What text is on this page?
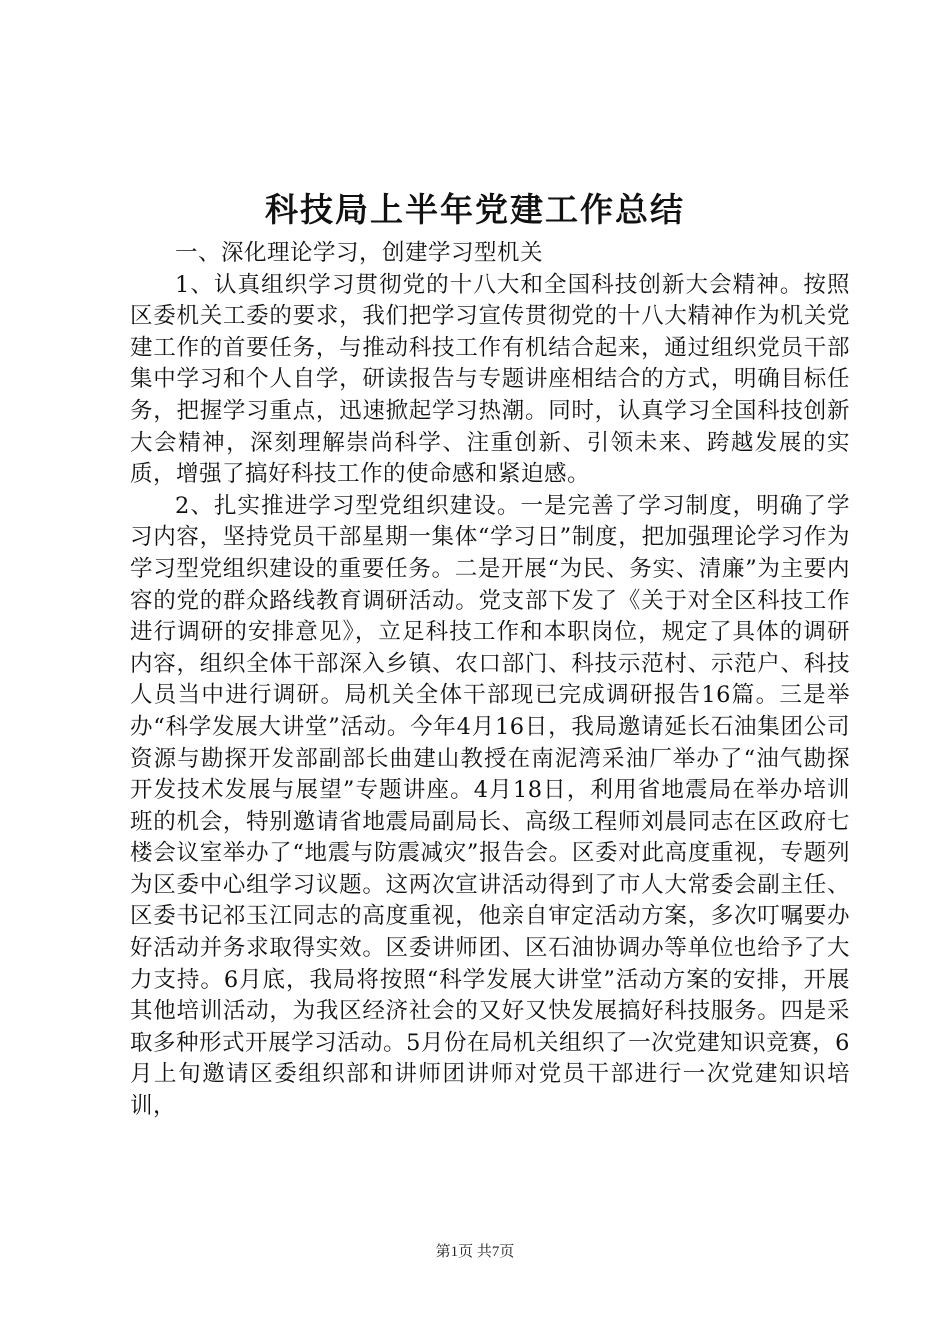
科技局上半年党建工作总结

一、深化理论学习，创建学习型机关

1、认真组织学习贯彻党的十八大和全国科技创新大会精神。按照区委机关工委的要求，我们把学习宣传贯彻党的十八大精神作为机关党建工作的首要任务，与推动科技工作有机结合起来，通过组织党员干部集中学习和个人自学，研读报告与专题讲座相结合的方式，明确目标任务，把握学习重点，迅速掀起学习热潮。同时，认真学习全国科技创新大会精神，深刻理解崇尚科学、注重创新、引领未来、跨越发展的实质，增强了搞好科技工作的使命感和紧迫感。

2、扎实推进学习型党组织建设。一是完善了学习制度，明确了学习内容，坚持党员干部星期一集体“学习日”制度，把加强理论学习作为学习型党组织建设的重要任务。二是开展“为民、务实、清廉”为主要内容的党的群众路线教育调研活动。党支部下发了《关于对全区科技工作进行调研的安排意见》，立足科技工作和本职岗位，规定了具体的调研内容，组织全体干部深入乡镇、农口部门、科技示范村、示范户、科技人员当中进行调研。局机关全体干部现已完成调研报告16篇。三是举办“科学发展大讲堂”活动。今年4月16日，我局邀请延长石油集团公司资源与勘探开发部副部长曲建山教授在南泥湾采油厂举办了“油气勘探开发技术发展与展望”专题讲座。4月18日，利用省地震局在举办培训班的机会，特别邀请省地震局副局长、高级工程师刘晨同志在区政府七楼会议室举办了“地震与防震减灾”报告会。区委对此高度重视，专题列为区委中心组学习议题。这两次宣讲活动得到了市人大常委会副主任、区委书记祁玉江同志的高度重视，他亲自审定活动方案，多次叮嘱要办好活动并务求取得实效。区委讲师团、区石油协调办等单位也给予了大力支持。6月底，我局将按照“科学发展大讲堂”活动方案的安排，开展其他培训活动，为我区经济社会的又好又快发展搞好科技服务。四是采取多种形式开展学习活动。5月份在局机关组织了一次党建知识竞赛，6月上旬邀请区委组织部和讲师团讲师对党员干部进行一次党建知识培训，

第1页 共7页
